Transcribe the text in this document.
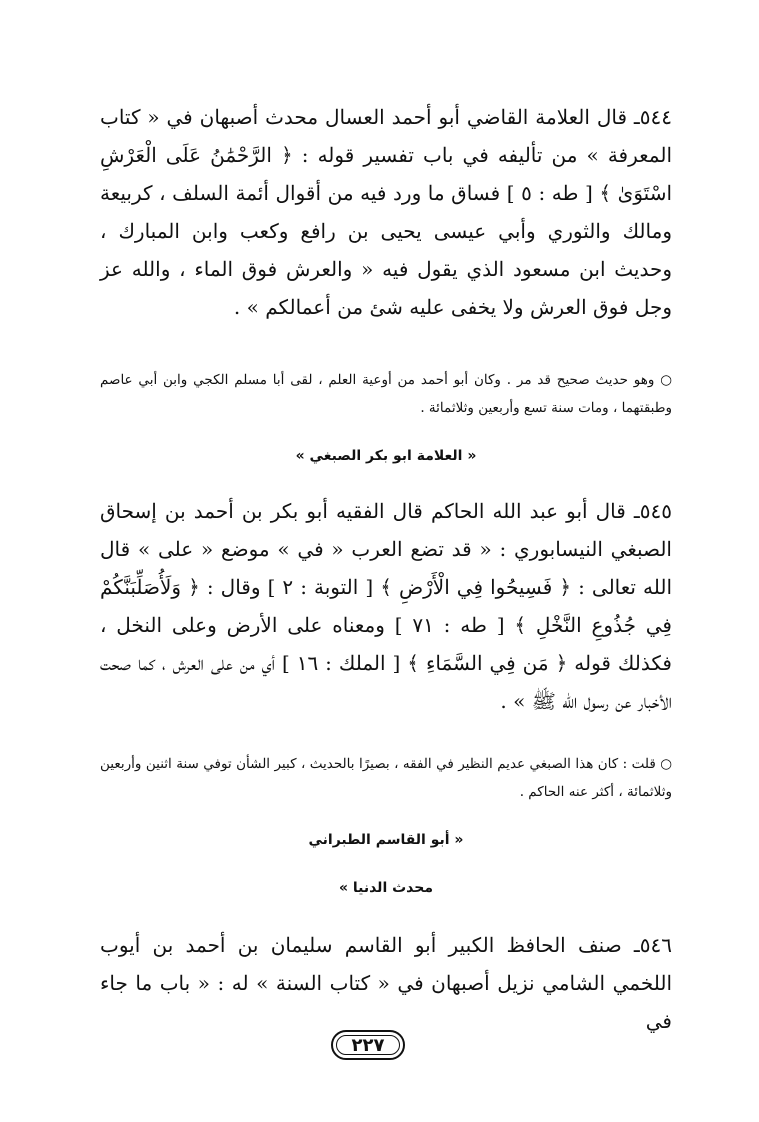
٥٤٤ـ قال العلامة القاضي أبو أحمد العسال محدث أصبهان في « كتاب المعرفة » من تأليفه في باب تفسير قوله : ﴿ الرَّحْمَٰنُ عَلَى الْعَرْشِ اسْتَوَىٰ ﴾ [ طه : ٥ ] فساق ما ورد فيه من أقوال أئمة السلف ، كربيعة ومالك والثوري وأبي عيسى يحيى بن رافع وكعب وابن المبارك ، وحديث ابن مسعود الذي يقول فيه « والعرش فوق الماء ، والله عز وجل فوق العرش ولا يخفى عليه شئ من أعمالكم » .

○ وهو حديث صحيح قد مر . وكان أبو أحمد من أوعية العلم ، لقى أبا مسلم الكجي وابن أبي عاصم وطبقتهما ، ومات سنة تسع وأربعين وثلاثمائة .

« العلامة ابو بكر الصبغي »

٥٤٥ـ قال أبو عبد الله الحاكم قال الفقيه أبو بكر بن أحمد بن إسحاق الصبغي النيسابوري : « قد تضع العرب « في » موضع « على » قال الله تعالى : ﴿ فَسِيحُوا فِي الْأَرْضِ ﴾ [ التوبة : ٢ ] وقال : ﴿ وَلَأُصَلِّبَنَّكُمْ فِي جُذُوعِ النَّخْلِ ﴾ [ طه : ٧١ ] ومعناه على الأرض وعلى النخل ، فكذلك قوله ﴿ مَن فِي السَّمَاءِ ﴾ [ الملك : ١٦ ] أي من على العرش ، كما صحت الأخبار عن رسول الله ﷺ » .

○ قلت : كان هذا الصبغي عديم النظير في الفقه ، بصيرًا بالحديث ، كبير الشأن توفي سنة اثنين وأربعين وثلاثمائة ، أكثر عنه الحاكم .

« أبو القاسم الطبراني

محدث الدنيا »

٥٤٦ـ صنف الحافظ الكبير أبو القاسم سليمان بن أحمد بن أيوب اللخمي الشامي نزيل أصبهان في « كتاب السنة » له : « باب ما جاء في

٢٢٧
